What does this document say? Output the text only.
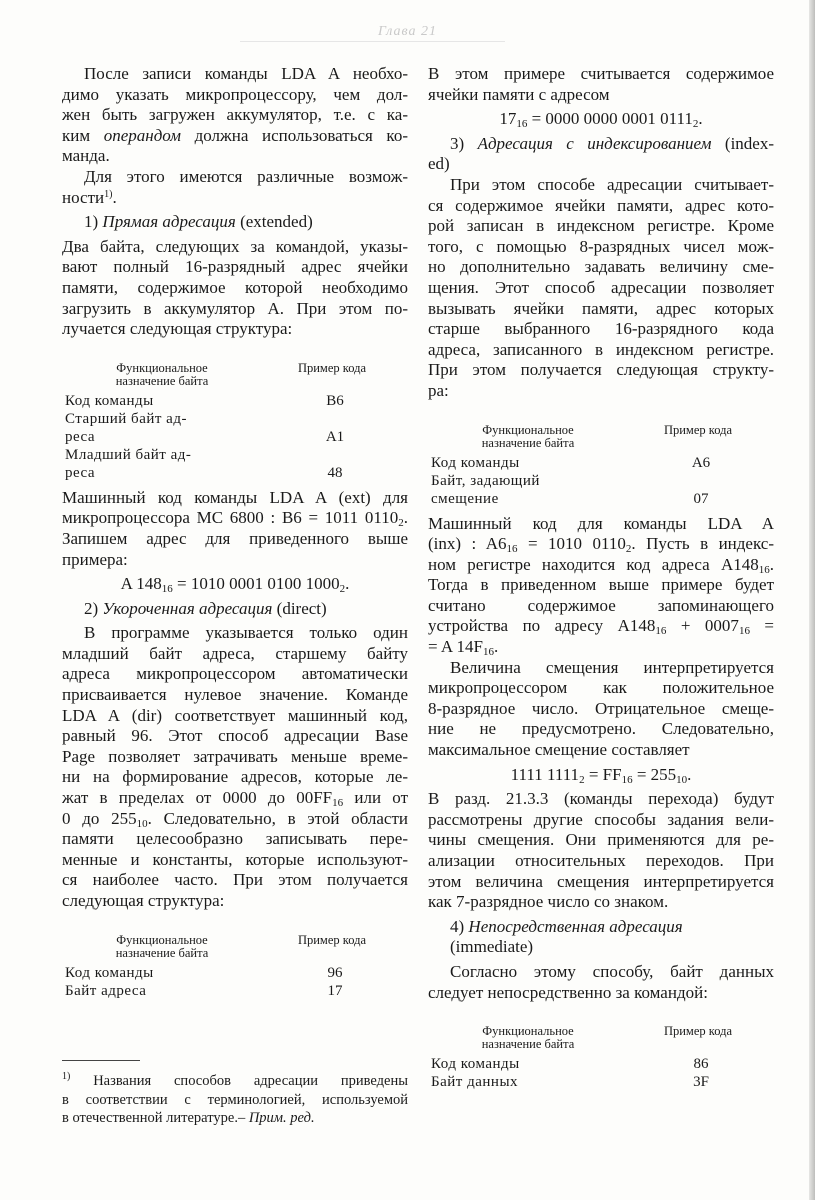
Глава 21
После записи команды LDA A необхо-
димо указать микропроцессору, чем дол-
жен быть загружен аккумулятор, т.е. с ка-
ким операндом должна использоваться ко-
манда.
Для этого имеются различные возмож-
ности$^{1)}$.
1) Прямая адресация (extended)
Два байта, следующих за командой, указы-
вают полный 16-разрядный адрес ячейки
памяти, содержимое которой необходимо
загрузить в аккумулятор A. При этом по-
лучается следующая структура:
Функциональное
назначение байта
Пример кода
Код команды	B6
Старший байт ад-
реса	A1
Младший байт ад-
реса	48
Машинный код команды LDA A (ext) для
микропроцессора MC 6800 : B6 = 1011 $0110_2$.
Запишем адрес для приведенного выше
примера:
A $148_{16} = 1010$ 0001 0100 $1000_2$.
2) Укороченная адресация (direct)
В программе указывается только один
младший байт адреса, старшему байту
адреса микропроцессором автоматически
присваивается нулевое значение. Команде
LDA A (dir) соответствует машинный код,
равный 96. Этот способ адресации Base
Page позволяет затрачивать меньше време-
ни на формирование адресов, которые ле-
жат в пределах от 0000 до $00FF_{16}$ или от
0 до $255_{10}$. Следовательно, в этой области
памяти целесообразно записывать пере-
менные и константы, которые используют-
ся наиболее часто. При этом получается
следующая структура:
Функциональное
назначение байта
Пример кода
Код команды	96
Байт адреса	17
В этом примере считывается содержимое
ячейки памяти с адресом
$17_{16} = 0000$ 0000 0001 $0111_2$.
3) Адресация с индексированием (index-
ed)
При этом способе адресации считывает-
ся содержимое ячейки памяти, адрес кото-
рой записан в индексном регистре. Кроме
того, с помощью 8-разрядных чисел мож-
но дополнительно задавать величину сме-
щения. Этот способ адресации позволяет
вызывать ячейки памяти, адрес которых
старше выбранного 16-разрядного кода
адреса, записанного в индексном регистре.
При этом получается следующая структу-
ра:
Функциональное
назначение байта
Пример кода
Код команды	A6
Байт, задающий
смещение	07
Машинный код для команды LDA A
(inx) : $A6_{16} = 1010$ $0110_2$. Пусть в индекс-
ном регистре находится код адреса $A148_{16}$.
Тогда в приведенном выше примере будет
считано содержимое запоминающего
устройства по адресу $A148_{16} + 0007_{16}$ =
= A $14F_{16}$.
Величина смещения интерпретируется
микропроцессором как положительное
8-разрядное число. Отрицательное смеще-
ние не предусмотрено. Следовательно,
максимальное смещение составляет
1111 $1111_2 = FF_{16} = 255_{10}$.
В разд. 21.3.3 (команды перехода) будут
рассмотрены другие способы задания вели-
чины смещения. Они применяются для ре-
ализации относительных переходов. При
этом величина смещения интерпретируется
как 7-разрядное число со знаком.
4) Непосредственная адресация
(immediate)
Согласно этому способу, байт данных
следует непосредственно за командой:
Функциональное
назначение байта
Пример кода
Код команды	86
Байт данных	3F
$^{1)}$ Названия способов адресации приведены
в соответствии с терминологией, используемой
в отечественной литературе.– Прим. ред.
